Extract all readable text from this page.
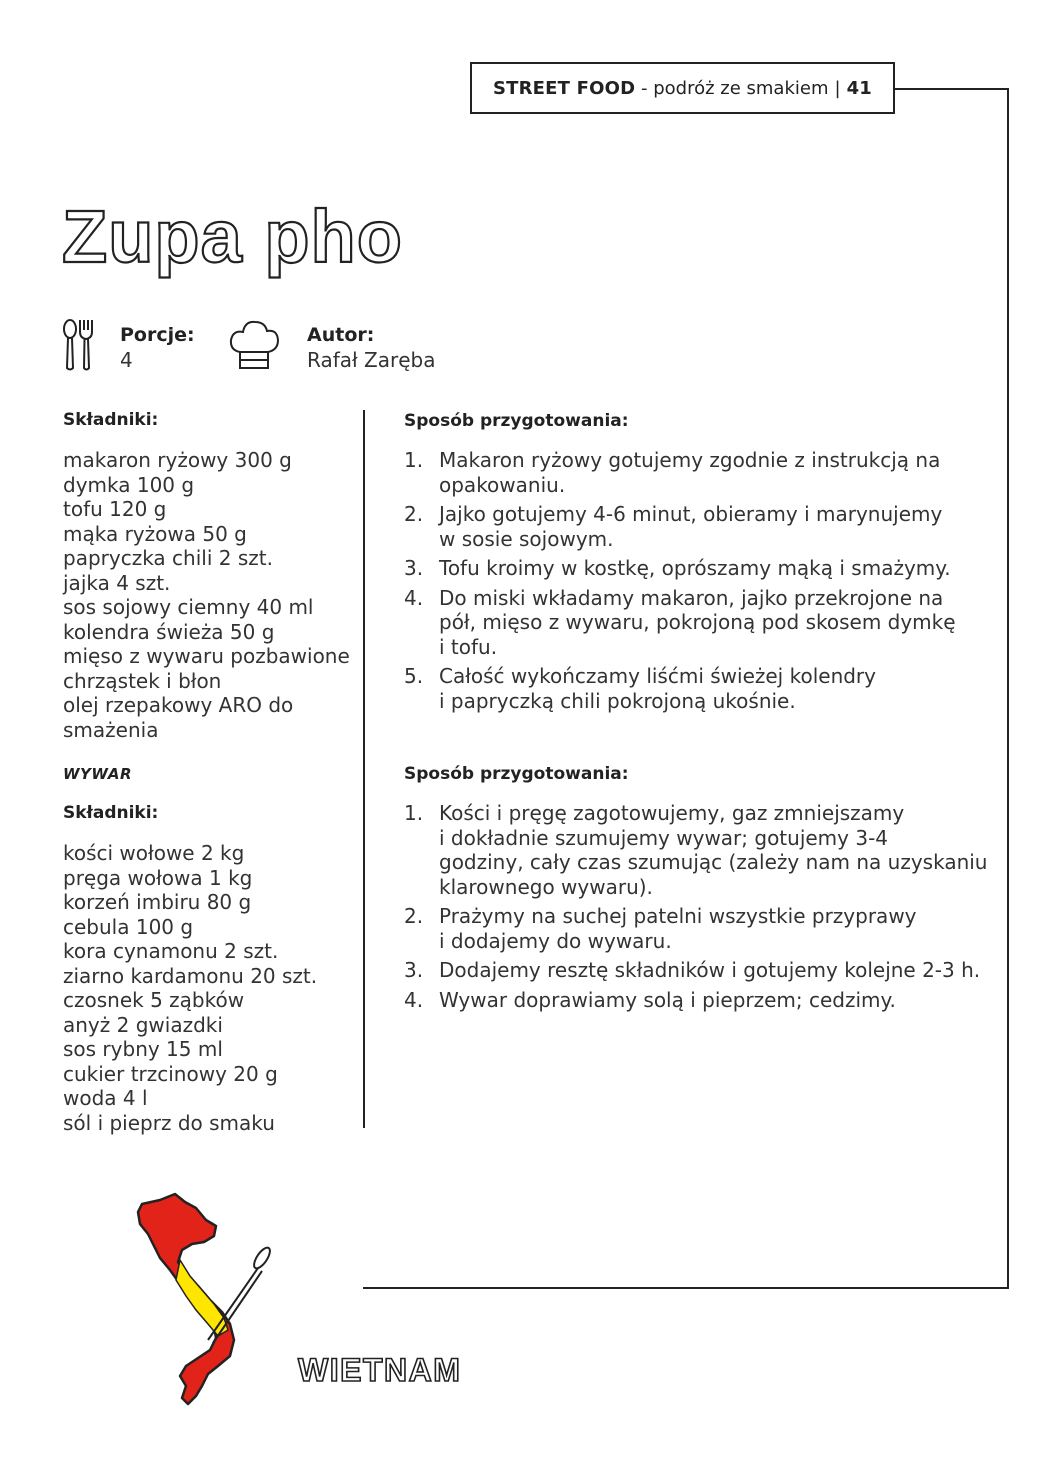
STREET FOOD
- podróż ze smakiem | 41
Zupa pho
Porcje:
4
Autor:
Rafał Zaręba
Składniki:
makaron ryżowy 300 g
dymka 100 g
tofu 120 g
mąka ryżowa 50 g
papryczka chili 2 szt.
jajka 4 szt.
sos sojowy ciemny 40 ml
kolendra świeża 50 g
mięso z wywaru pozbawione
chrząstek i błon
olej rzepakowy ARO do
smażenia
WYWAR
Składniki:
kości wołowe 2 kg
pręga wołowa 1 kg
korzeń imbiru 80 g
cebula 100 g
kora cynamonu 2 szt.
ziarno kardamonu 20 szt.
czosnek 5 ząbków
anyż 2 gwiazdki
sos rybny 15 ml
cukier trzcinowy 20 g
woda 4 l
sól i pieprz do smaku
Sposób przygotowania:
1. Makaron ryżowy gotujemy zgodnie z instrukcją na
opakowaniu.
2. Jajko gotujemy 4-6 minut, obieramy i marynujemy
w sosie sojowym.
3. Tofu kroimy w kostkę, oprószamy mąką i smażymy.
4. Do miski wkładamy makaron, jajko przekrojone na
pół, mięso z wywaru, pokrojoną pod skosem dymkę
i tofu.
5. Całość wykończamy liśćmi świeżej kolendry
i papryczką chili pokrojoną ukośnie.
Sposób przygotowania:
1. Kości i pręgę zagotowujemy, gaz zmniejszamy
i dokładnie szumujemy wywar; gotujemy 3-4
godziny, cały czas szumując (zależy nam na uzyskaniu
klarownego wywaru).
2. Prażymy na suchej patelni wszystkie przyprawy
i dodajemy do wywaru.
3. Dodajemy resztę składników i gotujemy kolejne 2-3 h.
4. Wywar doprawiamy solą i pieprzem; cedzimy.
WIETNAM
